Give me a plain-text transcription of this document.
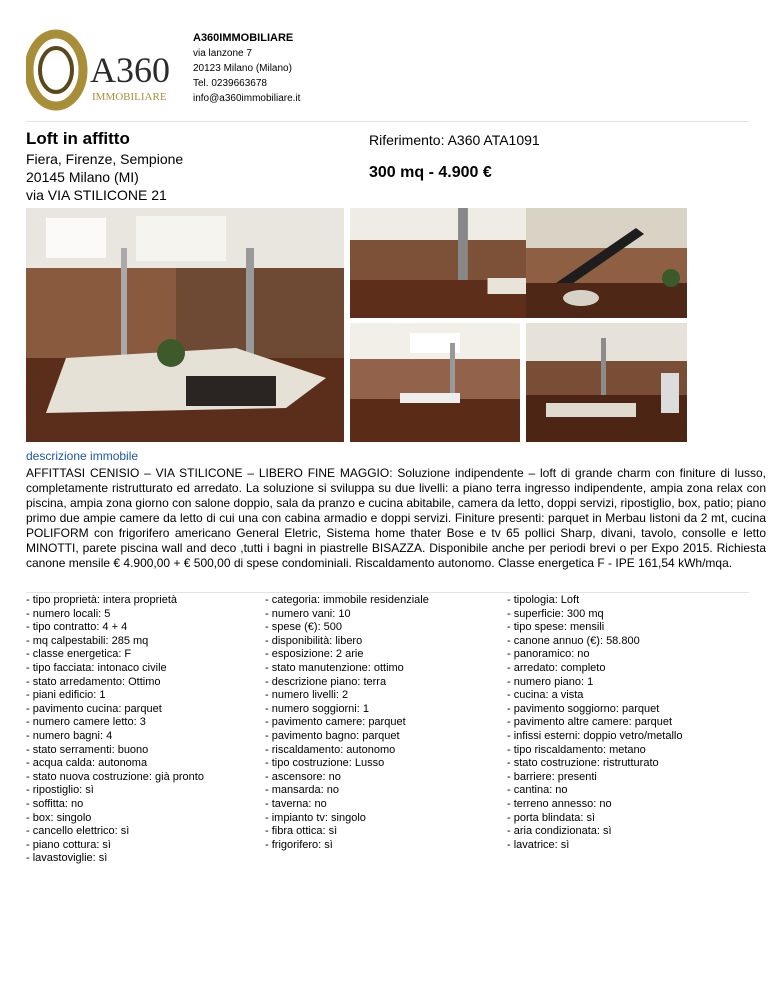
A360
IMMOBILIARE
A360IMMOBILIARE
via lanzone 7
20123 Milano (Milano)
Tel. 0239663678
info@a360immobiliare.it
Loft in affitto
Fiera, Firenze, Sempione
20145 Milano (MI)
via VIA STILICONE 21
Riferimento: A360 ATA1091
300 mq - 4.900 €
descrizione immobile
AFFITTASI CENISIO – VIA STILICONE – LIBERO FINE MAGGIO: Soluzione indipendente – loft di grande charm con finiture di lusso, completamente ristrutturato ed arredato. La soluzione si sviluppa su due livelli: a piano terra ingresso indipendente, ampia zona relax con piscina, ampia zona giorno con salone doppio, sala da pranzo e cucina abitabile, camera da letto, doppi servizi, ripostiglio, box, patio; piano primo due ampie camere da letto di cui una con cabina armadio e doppi servizi. Finiture presenti: parquet in Merbau listoni da 2 mt, cucina POLIFORM con frigorifero americano General Eletric, Sistema home thater Bose e tv 65 pollici Sharp, divani, tavolo, consolle e letto MINOTTI, parete piscina wall and deco ,tutti i bagni in piastrelle BISAZZA. Disponibile anche per periodi brevi o per Expo 2015. Richiesta canone mensile € 4.900,00 + € 500,00 di spese condominiali. Riscaldamento autonomo. Classe energetica F - IPE 161,54 kWh/mqa.
- tipo proprietà: intera proprietà
- numero locali: 5
- tipo contratto: 4 + 4
- mq calpestabili: 285 mq
- classe energetica: F
- tipo facciata: intonaco civile
- stato arredamento: Ottimo
- piani edificio: 1
- pavimento cucina: parquet
- numero camere letto: 3
- numero bagni: 4
- stato serramenti: buono
- acqua calda: autonoma
- stato nuova costruzione: già pronto
- ripostiglio: sì
- soffitta: no
- box: singolo
- cancello elettrico: sì
- piano cottura: sì
- lavastoviglie: sì
- categoria: immobile residenziale
- numero vani: 10
- spese (€): 500
- disponibilità: libero
- esposizione: 2 arie
- stato manutenzione: ottimo
- descrizione piano: terra
- numero livelli: 2
- numero soggiorni: 1
- pavimento camere: parquet
- pavimento bagno: parquet
- riscaldamento: autonomo
- tipo costruzione: Lusso
- ascensore: no
- mansarda: no
- taverna: no
- impianto tv: singolo
- fibra ottica: sì
- frigorifero: sì
- tipologia: Loft
- superficie: 300 mq
- tipo spese: mensili
- canone annuo (€): 58.800
- panoramico: no
- arredato: completo
- numero piano: 1
- cucina: a vista
- pavimento soggiorno: parquet
- pavimento altre camere: parquet
- infissi esterni: doppio vetro/metallo
- tipo riscaldamento: metano
- stato costruzione: ristrutturato
- barriere: presenti
- cantina: no
- terreno annesso: no
- porta blindata: sì
- aria condizionata: sì
- lavatrice: sì
